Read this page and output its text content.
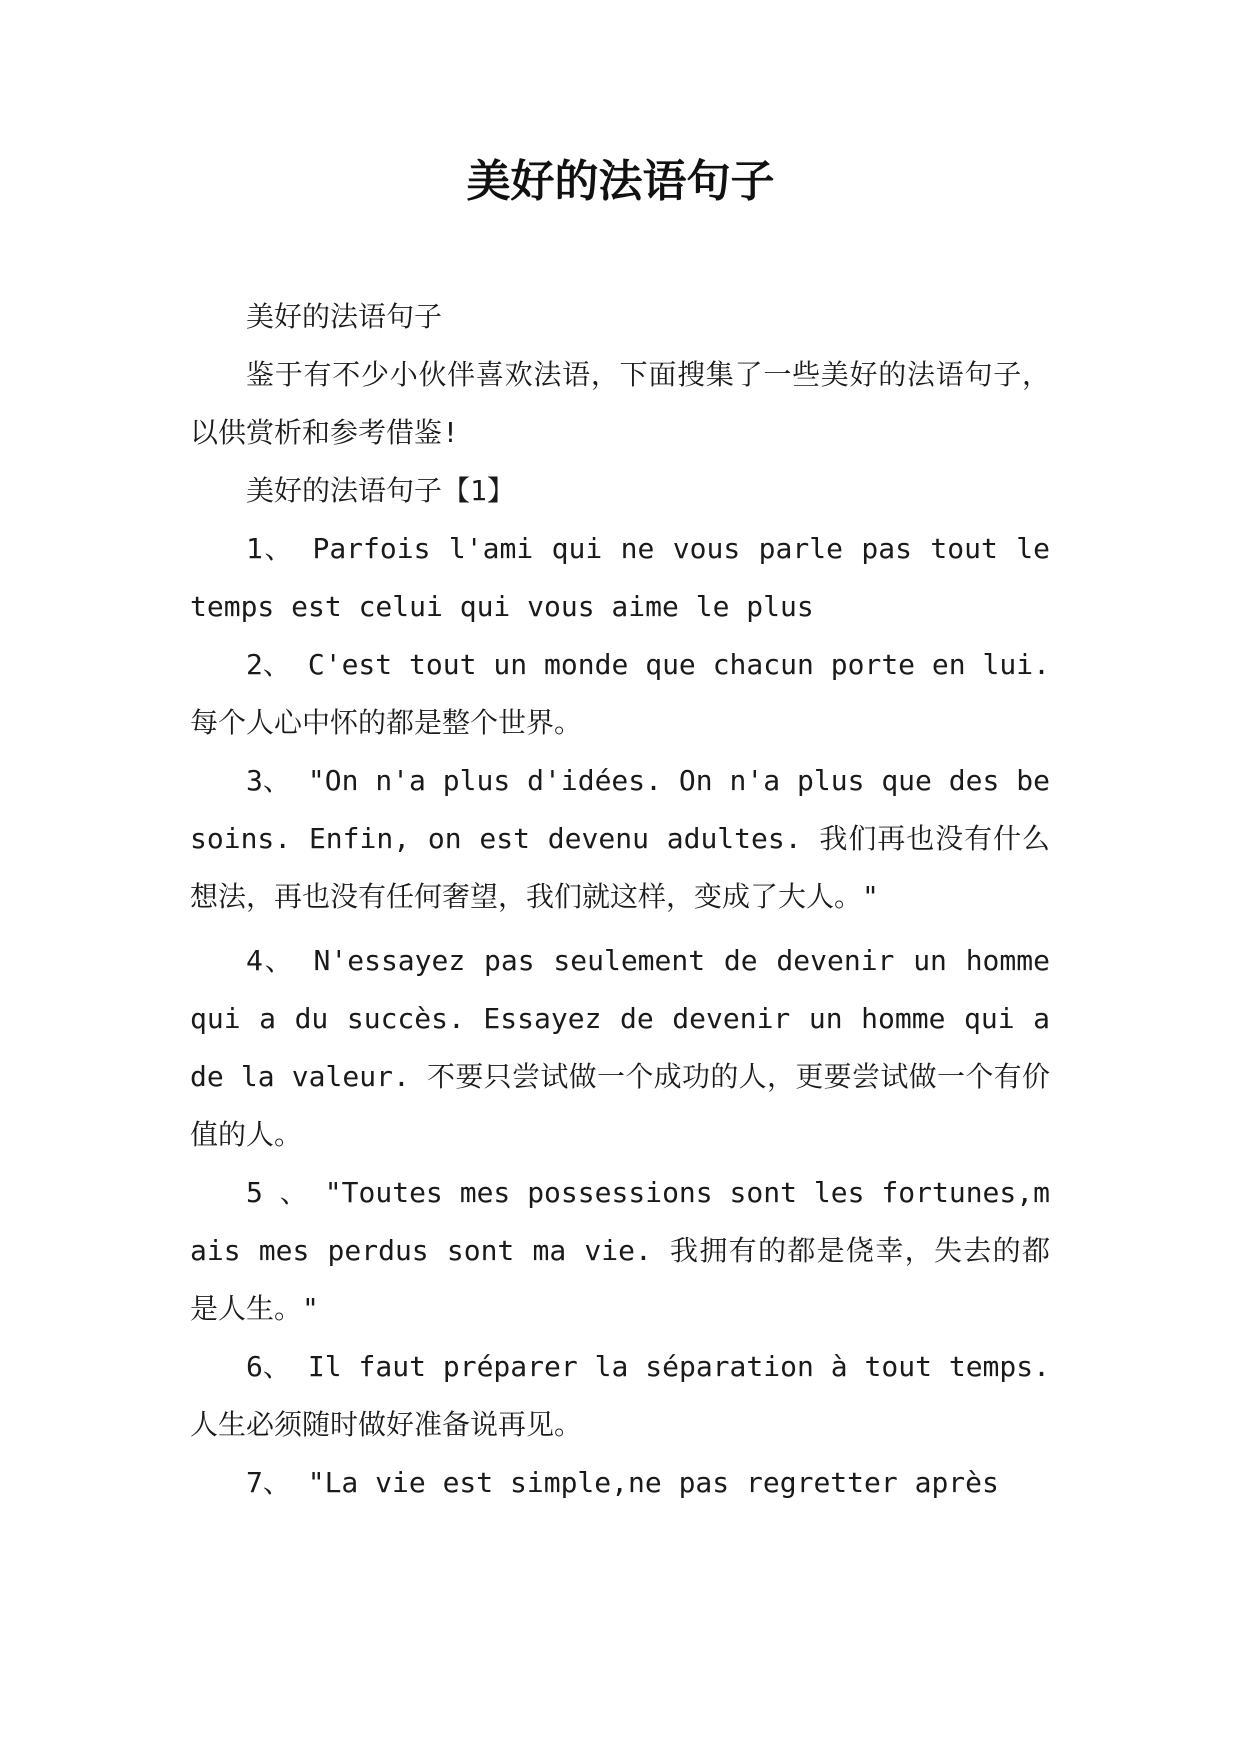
美好的法语句子

美好的法语句子

鉴于有不少小伙伴喜欢法语，下面搜集了一些美好的法语句子，以供赏析和参考借鉴!

美好的法语句子【1】

1、 Parfois l'ami qui ne vous parle pas tout le temps est celui qui vous aime le plus

2、 C'est tout un monde que chacun porte en lui. 每个人心中怀的都是整个世界。

3、 "On n'a plus d'idées. On n'a plus que des besoins. Enfin, on est devenu adultes. 我们再也没有什么想法，再也没有任何奢望，我们就这样，变成了大人。"

4、 N'essayez pas seulement de devenir un homme qui a du succès. Essayez de devenir un homme qui a de la valeur. 不要只尝试做一个成功的人，更要尝试做一个有价值的人。

5 、 "Toutes mes possessions sont les fortunes,mais mes perdus sont ma vie. 我拥有的都是侥幸，失去的都是人生。"

6、 Il faut préparer la séparation à tout temps. 人生必须随时做好准备说再见。

7、 "La vie est simple,ne pas regretter après
